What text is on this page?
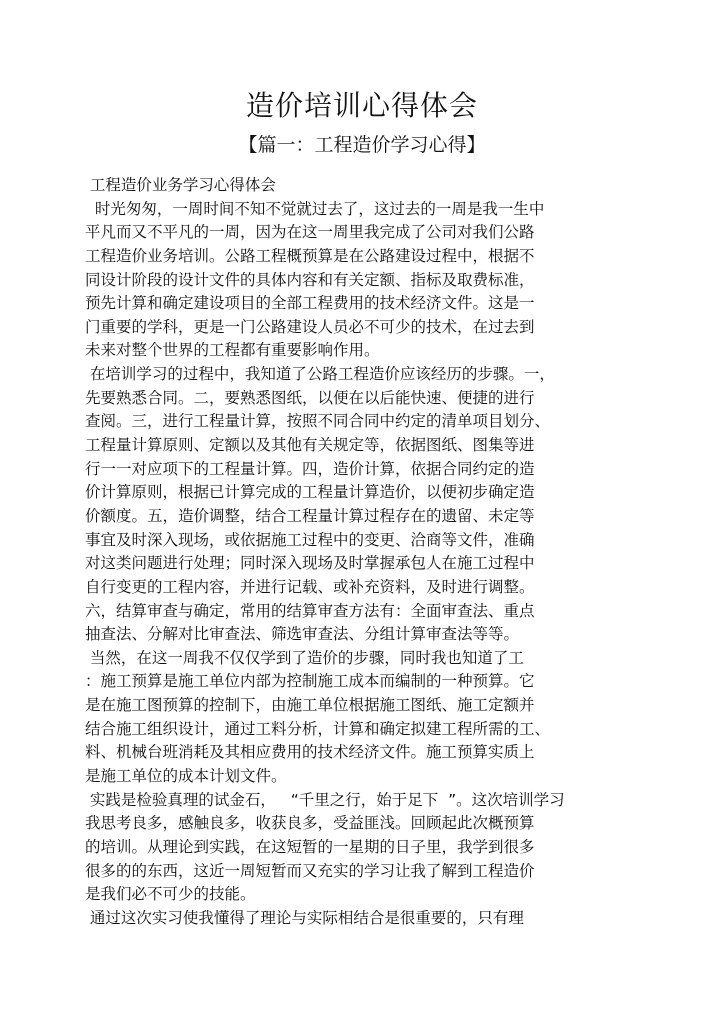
造价培训心得体会
【篇一：工程造价学习心得】
工程造价业务学习心得体会
时光匆匆，一周时间不知不觉就过去了，这过去的一周是我一生中
平凡而又不平凡的一周，因为在这一周里我完成了公司对我们公路
工程造价业务培训。公路工程概预算是在公路建设过程中，根据不
同设计阶段的设计文件的具体内容和有关定额、指标及取费标准，
预先计算和确定建设项目的全部工程费用的技术经济文件。这是一
门重要的学科，更是一门公路建设人员必不可少的技术，在过去到
未来对整个世界的工程都有重要影响作用。
在培训学习的过程中，我知道了公路工程造价应该经历的步骤。一，
先要熟悉合同。二，要熟悉图纸，以便在以后能快速、便捷的进行
查阅。三，进行工程量计算，按照不同合同中约定的清单项目划分、
工程量计算原则、定额以及其他有关规定等，依据图纸、图集等进
行一一对应项下的工程量计算。四，造价计算，依据合同约定的造
价计算原则，根据已计算完成的工程量计算造价，以便初步确定造
价额度。五，造价调整，结合工程量计算过程存在的遗留、未定等
事宜及时深入现场，或依据施工过程中的变更、洽商等文件，准确
对这类问题进行处理；同时深入现场及时掌握承包人在施工过程中
自行变更的工程内容，并进行记载、或补充资料，及时进行调整。
六，结算审查与确定，常用的结算审查方法有：全面审查法、重点
抽查法、分解对比审查法、筛选审查法、分组计算审查法等等。
当然，在这一周我不仅仅学到了造价的步骤，同时我也知道了工
：施工预算是施工单位内部为控制施工成本而编制的一种预算。它
是在施工图预算的控制下，由施工单位根据施工图纸、施工定额并
结合施工组织设计，通过工料分析，计算和确定拟建工程所需的工、
料、机械台班消耗及其相应费用的技术经济文件。施工预算实质上
是施工单位的成本计划文件。
实践是检验真理的试金石，   “千里之行，始于足下  ”。这次培训学习
我思考良多，感触良多，收获良多，受益匪浅。回顾起此次概预算
的培训。从理论到实践，在这短暂的一星期的日子里，我学到很多
很多的的东西，这近一周短暂而又充实的学习让我了解到工程造价
是我们必不可少的技能。
通过这次实习使我懂得了理论与实际相结合是很重要的，只有理
